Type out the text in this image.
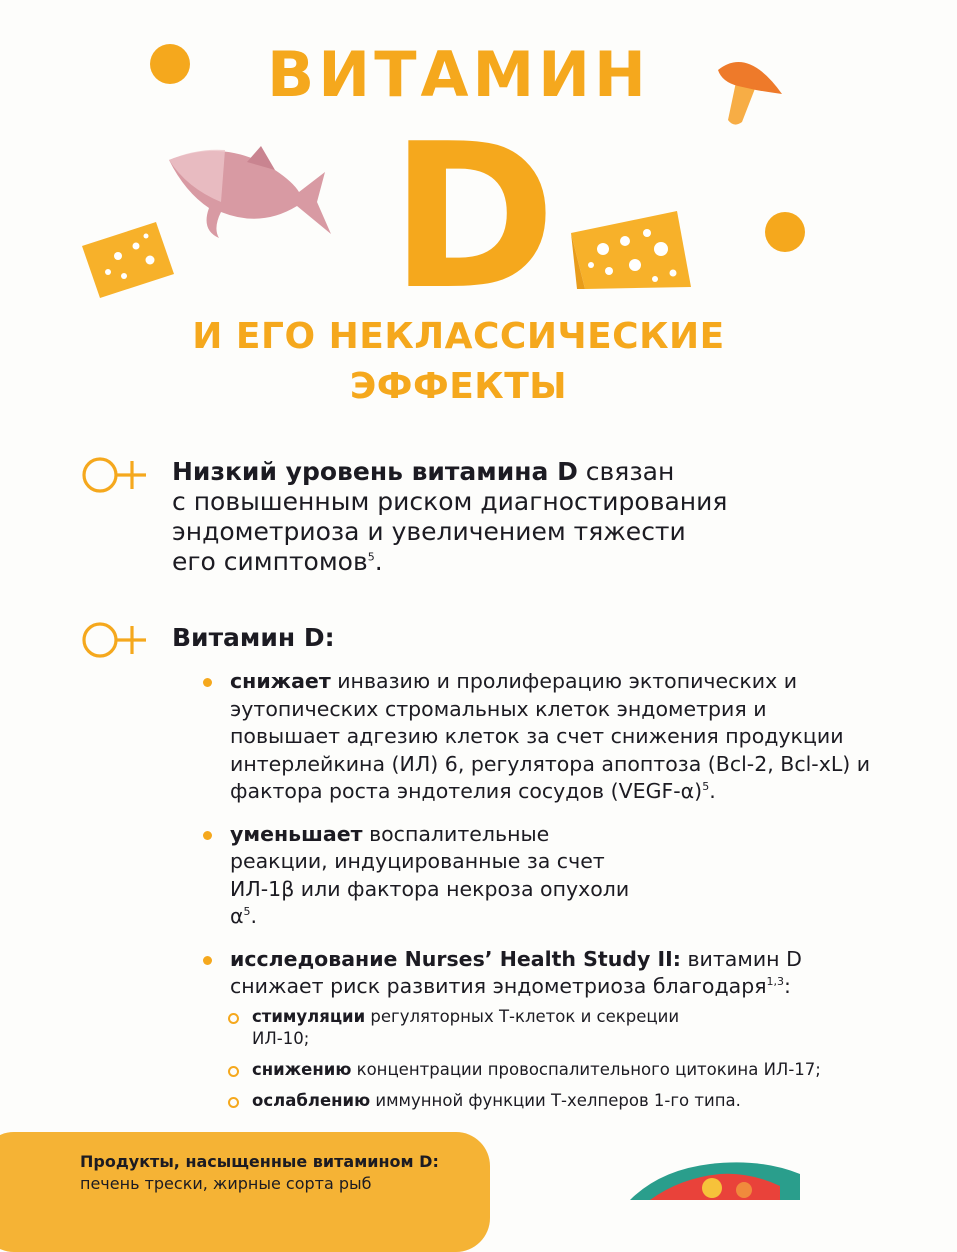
ВИТАМИН
D
И ЕГО НЕКЛАССИЧЕСКИЕ
ЭФФЕКТЫ
Низкий уровень витамина D связан
с повышенным риском диагностирования
эндометриоза и увеличением тяжести
его симптомов$^5$.
Витамин D:
снижает инвазию и пролиферацию эктопических и эутопических стромальных клеток эндометрия и повышает адгезию клеток за счет снижения продукции интерлейкина (ИЛ) 6, регулятора апоптоза (Bcl-2, Bcl-xL) и фактора роста эндотелия сосудов (VEGF-α)$^5$.
уменьшает воспалительные реакции, индуцированные за счет ИЛ-1β или фактора некроза опухоли $\alpha^5$.
исследование Nurses’ Health Study II: витамин D снижает риск развития эндометриоза благодаря$^{1,3}$:
стимуляции регуляторных Т-клеток и секреции ИЛ-10;
снижению концентрации провоспалительного цитокина ИЛ-17;
ослаблению иммунной функции Т-хелперов 1-го типа.
Продукты, насыщенные витамином D:
печень трески, жирные сорта рыб
